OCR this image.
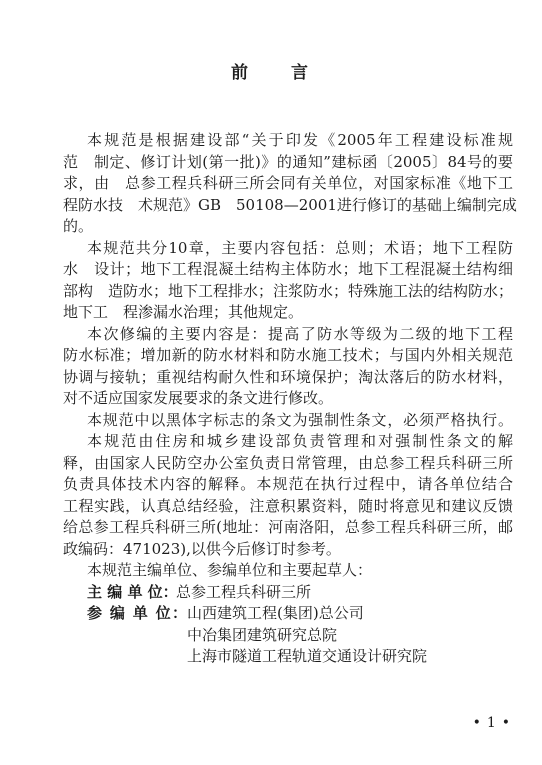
前　　言
本规范是根据建设部“关于印发《2005年工程建设标准规
范　制定、修订计划(第一批)》的通知”建标函〔2005〕84号的要
求，由　总参工程兵科研三所会同有关单位，对国家标准《地下工
程防水技　术规范》GB　50108—2001进行修订的基础上编制完成
的。
本规范共分10章，主要内容包括：总则；术语；地下工程防
水　设计；地下工程混凝土结构主体防水；地下工程混凝土结构细
部构　造防水；地下工程排水；注浆防水；特殊施工法的结构防水；
地下工　程渗漏水治理；其他规定。
本次修编的主要内容是：提高了防水等级为二级的地下工程
防水标准；增加新的防水材料和防水施工技术；与国内外相关规范
协调与接轨；重视结构耐久性和环境保护；淘汰落后的防水材料，
对不适应国家发展要求的条文进行修改。
本规范中以黑体字标志的条文为强制性条文，必须严格执行。
本规范由住房和城乡建设部负责管理和对强制性条文的解
释，由国家人民防空办公室负责日常管理，由总参工程兵科研三所
负责具体技术内容的解释。本规范在执行过程中，请各单位结合
工程实践，认真总结经验，注意积累资料，随时将意见和建议反馈
给总参工程兵科研三所(地址：河南洛阳，总参工程兵科研三所，邮
政编码：471023),以供今后修订时参考。
本规范主编单位、参编单位和主要起草人：
主 编 单 位：总参工程兵科研三所
参 编 单 位：山西建筑工程(集团)总公司
中冶集团建筑研究总院
上海市隧道工程轨道交通设计研究院
•1•
